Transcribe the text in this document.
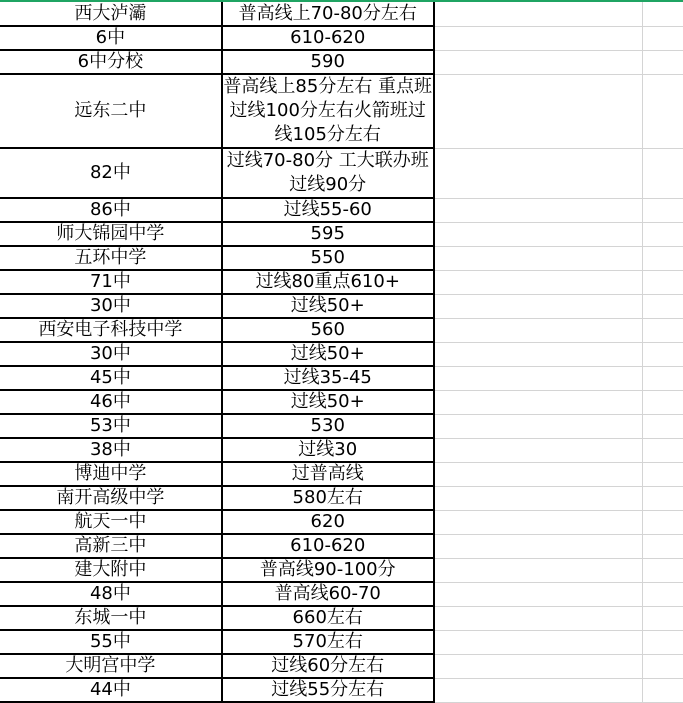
西大泸灞	普高线上70-80分左右		
6中	610-620		
6中分校	590		
远东二中	普高线上85分左右 重点班过线100分左右火箭班过线105分左右		
82中	过线70-80分 工大联办班过线90分		
86中	过线55-60		
师大锦园中学	595		
五环中学	550		
71中	过线80重点610+		
30中	过线50+		
西安电子科技中学	560		
30中	过线50+		
45中	过线35-45		
46中	过线50+		
53中	530		
38中	过线30		
博迪中学	过普高线		
南开高级中学	580左右		
航天一中	620		
高新三中	610-620		
建大附中	普高线90-100分		
48中	普高线60-70		
东城一中	660左右		
55中	570左右		
大明宫中学	过线60分左右		
44中	过线55分左右		
